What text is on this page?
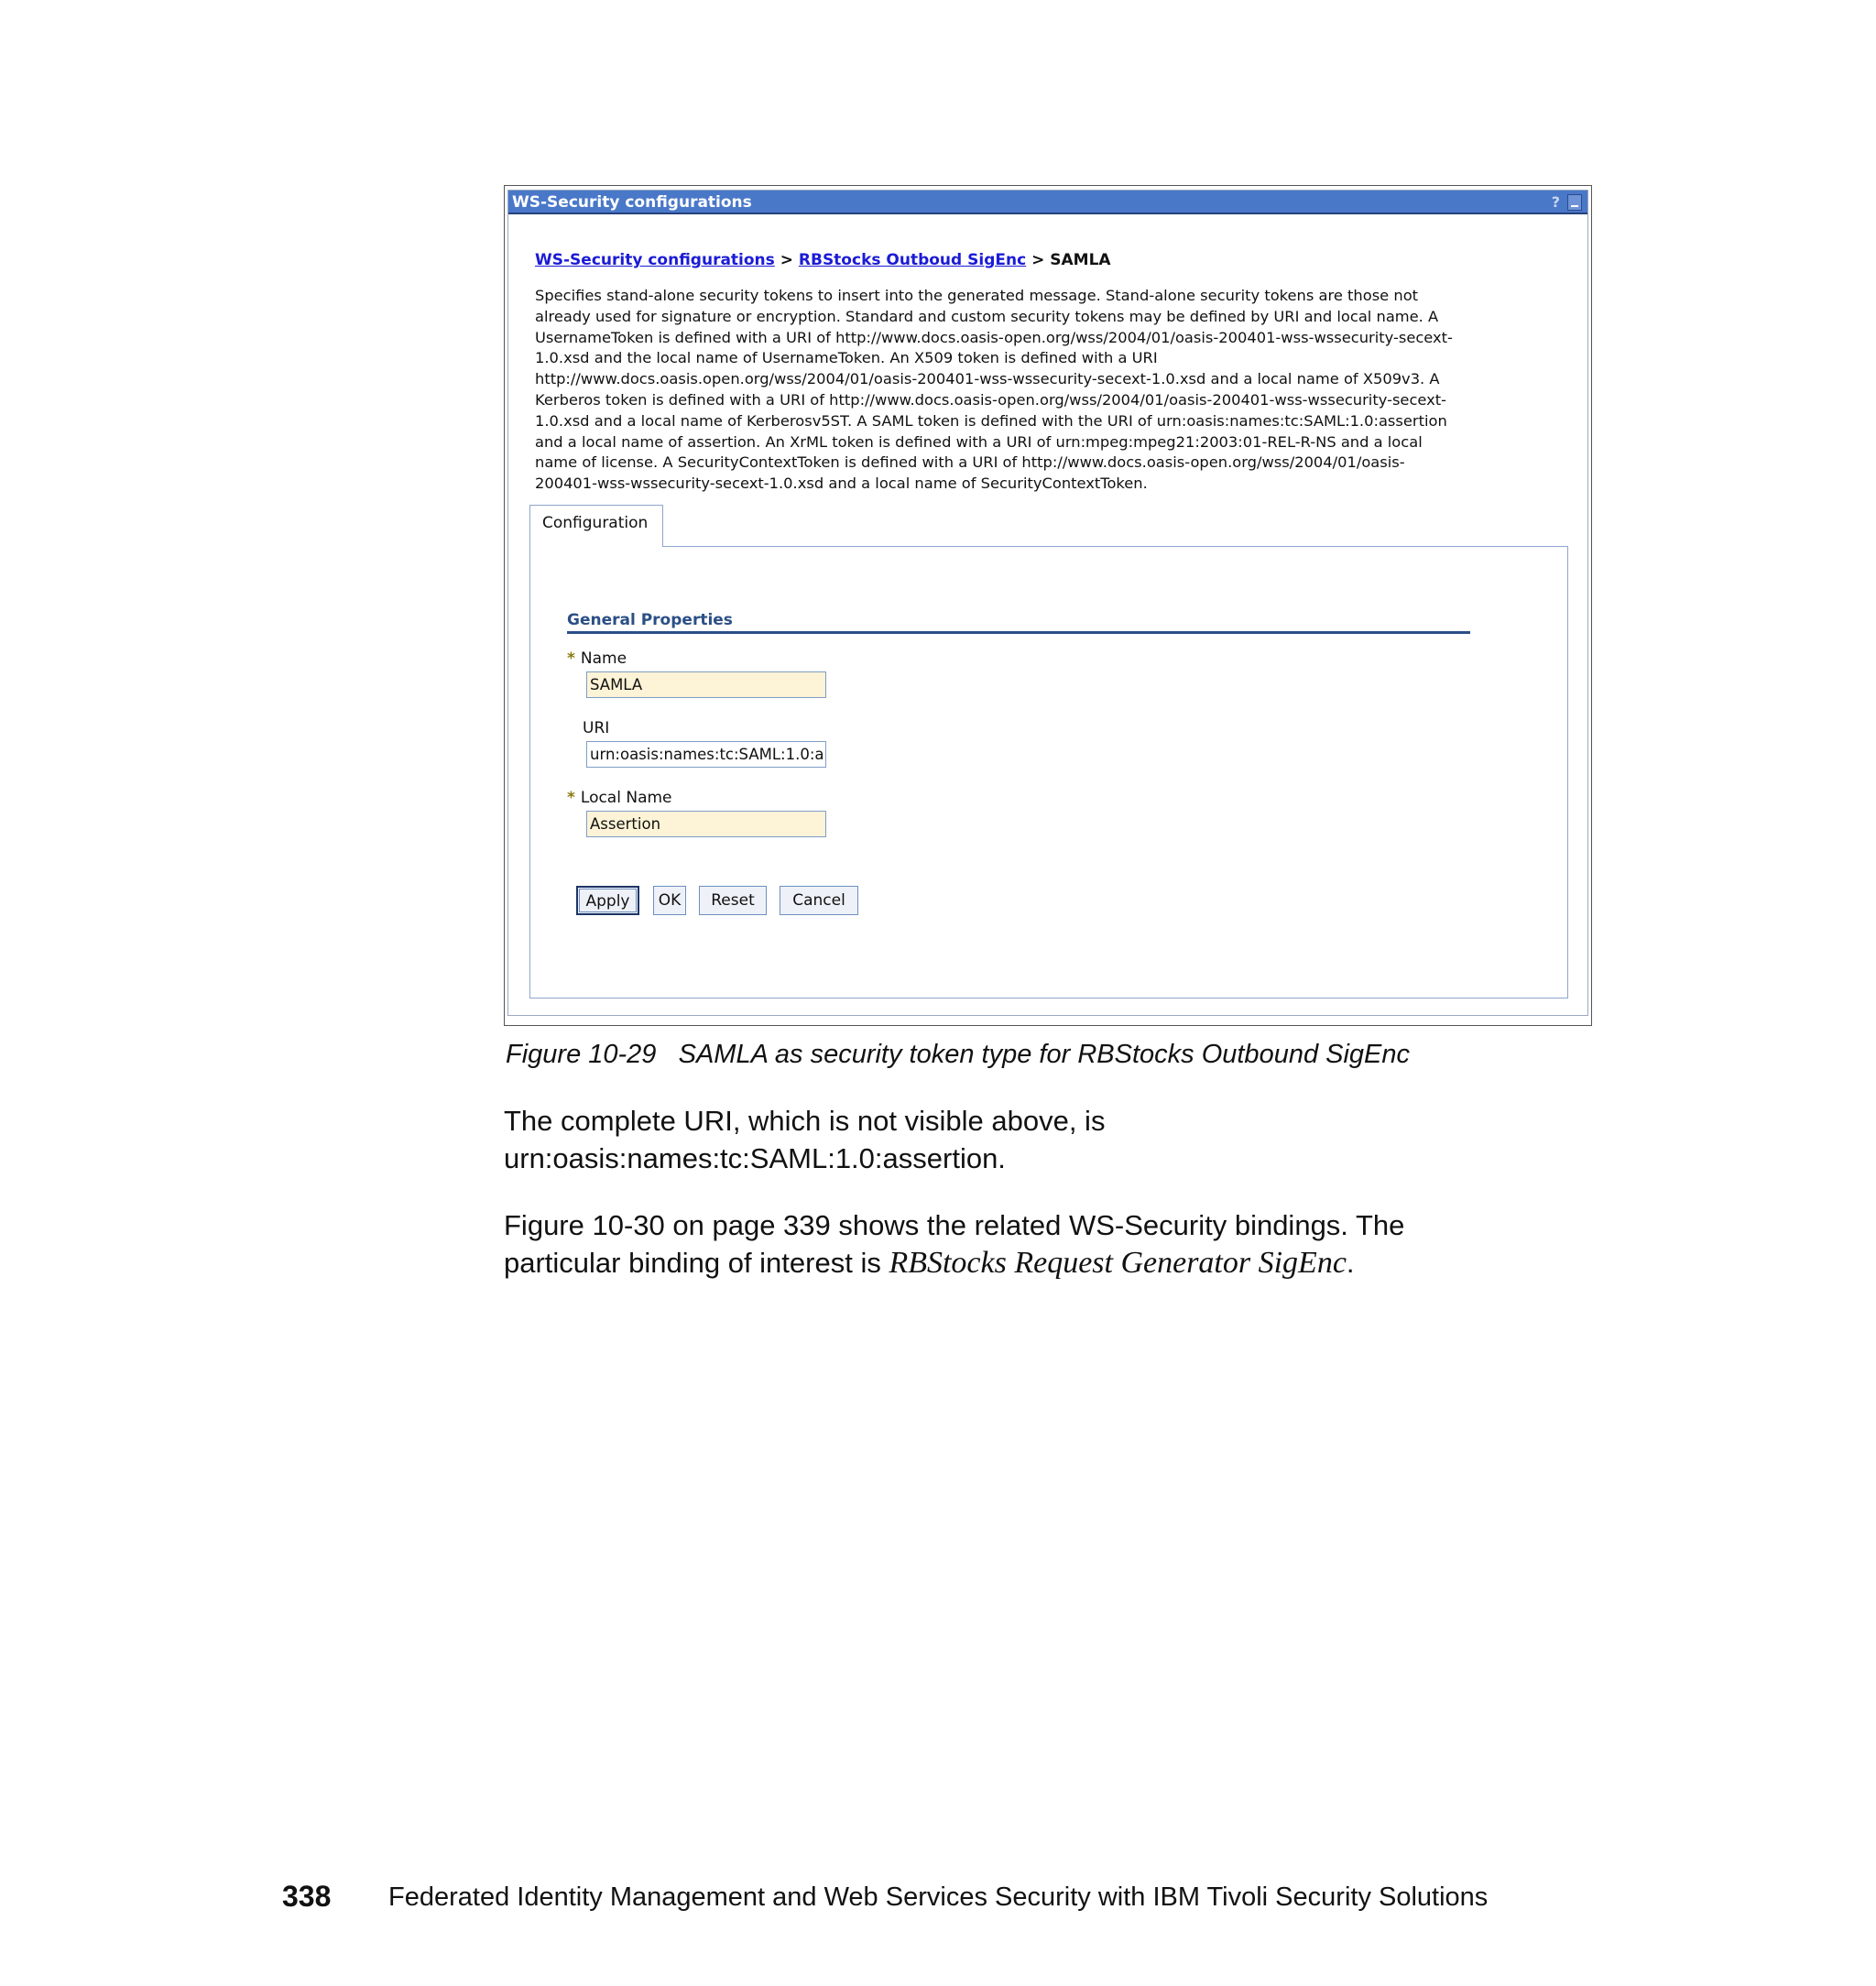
WS-Security configurations	?
WS-Security configurations > RBStocks Outboud SigEnc > SAMLA
Specifies stand-alone security tokens to insert into the generated message. Stand-alone security tokens are those not
already used for signature or encryption. Standard and custom security tokens may be defined by URI and local name. A
UsernameToken is defined with a URI of http://www.docs.oasis-open.org/wss/2004/01/oasis-200401-wss-wssecurity-secext-
1.0.xsd and the local name of UsernameToken. An X509 token is defined with a URI
http://www.docs.oasis.open.org/wss/2004/01/oasis-200401-wss-wssecurity-secext-1.0.xsd and a local name of X509v3. A
Kerberos token is defined with a URI of http://www.docs.oasis-open.org/wss/2004/01/oasis-200401-wss-wssecurity-secext-
1.0.xsd and a local name of Kerberosv5ST. A SAML token is defined with the URI of urn:oasis:names:tc:SAML:1.0:assertion
and a local name of assertion. An XrML token is defined with a URI of urn:mpeg:mpeg21:2003:01-REL-R-NS and a local
name of license. A SecurityContextToken is defined with a URI of http://www.docs.oasis-open.org/wss/2004/01/oasis-
200401-wss-wssecurity-secext-1.0.xsd and a local name of SecurityContextToken.
Configuration
General Properties
* Name
SAMLA
URI
urn:oasis:names:tc:SAML:1.0:assertion
* Local Name
Assertion
Apply	OK	Reset	Cancel
Figure 10-29   SAMLA as security token type for RBStocks Outbound SigEnc
The complete URI, which is not visible above, is
urn:oasis:names:tc:SAML:1.0:assertion.
Figure 10-30 on page 339 shows the related WS-Security bindings. The
particular binding of interest is RBStocks Request Generator SigEnc.
338 Federated Identity Management and Web Services Security with IBM Tivoli Security Solutions
